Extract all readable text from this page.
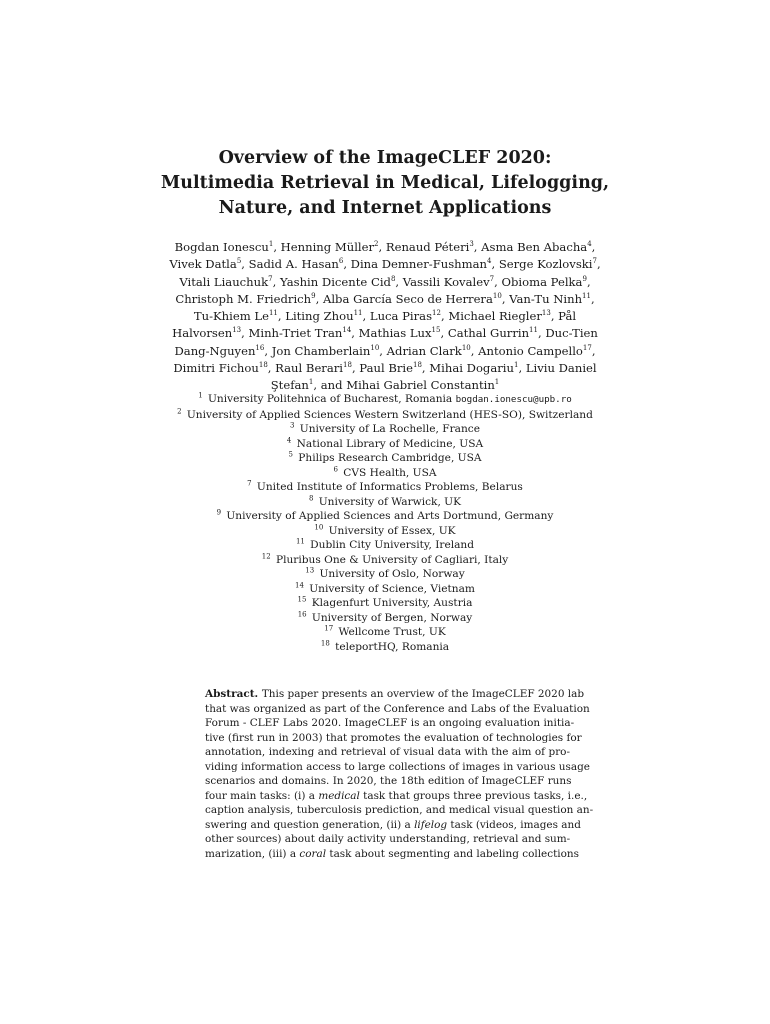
Overview of the ImageCLEF 2020:
Multimedia Retrieval in Medical, Lifelogging,
Nature, and Internet Applications
Bogdan Ionescu$^1$, Henning Müller$^2$, Renaud Péteri$^3$, Asma Ben Abacha$^4$,
Vivek Datla$^5$, Sadid A. Hasan$^6$, Dina Demner-Fushman$^4$, Serge Kozlovski$^7$,
Vitali Liauchuk$^7$, Yashin Dicente Cid$^8$, Vassili Kovalev$^7$, Obioma Pelka$^9$,
Christoph M. Friedrich$^9$, Alba García Seco de Herrera$^{10}$, Van-Tu Ninh$^{11}$,
Tu-Khiem Le$^{11}$, Liting Zhou$^{11}$, Luca Piras$^{12}$, Michael Riegler$^{13}$, Pål
Halvorsen$^{13}$, Minh-Triet Tran$^{14}$, Mathias Lux$^{15}$, Cathal Gurrin$^{11}$, Duc-Tien
Dang-Nguyen$^{16}$, Jon Chamberlain$^{10}$, Adrian Clark$^{10}$, Antonio Campello$^{17}$,
Dimitri Fichou$^{18}$, Raul Berari$^{18}$, Paul Brie$^{18}$, Mihai Dogariu$^1$, Liviu Daniel
Ştefan$^1$, and Mihai Gabriel Constantin$^1$
$^1$ University Politehnica of Bucharest, Romania bogdan.ionescu@upb.ro
$^2$ University of Applied Sciences Western Switzerland (HES-SO), Switzerland
$^3$ University of La Rochelle, France
$^4$ National Library of Medicine, USA
$^5$ Philips Research Cambridge, USA
$^6$ CVS Health, USA
$^7$ United Institute of Informatics Problems, Belarus
$^8$ University of Warwick, UK
$^9$ University of Applied Sciences and Arts Dortmund, Germany
$^{10}$ University of Essex, UK
$^{11}$ Dublin City University, Ireland
$^{12}$ Pluribus One & University of Cagliari, Italy
$^{13}$ University of Oslo, Norway
$^{14}$ University of Science, Vietnam
$^{15}$ Klagenfurt University, Austria
$^{16}$ University of Bergen, Norway
$^{17}$ Wellcome Trust, UK
$^{18}$ teleportHQ, Romania
Abstract. This paper presents an overview of the ImageCLEF 2020 lab
that was organized as part of the Conference and Labs of the Evaluation
Forum - CLEF Labs 2020. ImageCLEF is an ongoing evaluation initia-
tive (first run in 2003) that promotes the evaluation of technologies for
annotation, indexing and retrieval of visual data with the aim of pro-
viding information access to large collections of images in various usage
scenarios and domains. In 2020, the 18th edition of ImageCLEF runs
four main tasks: (i) a medical task that groups three previous tasks, i.e.,
caption analysis, tuberculosis prediction, and medical visual question an-
swering and question generation, (ii) a lifelog task (videos, images and
other sources) about daily activity understanding, retrieval and sum-
marization, (iii) a coral task about segmenting and labeling collections
